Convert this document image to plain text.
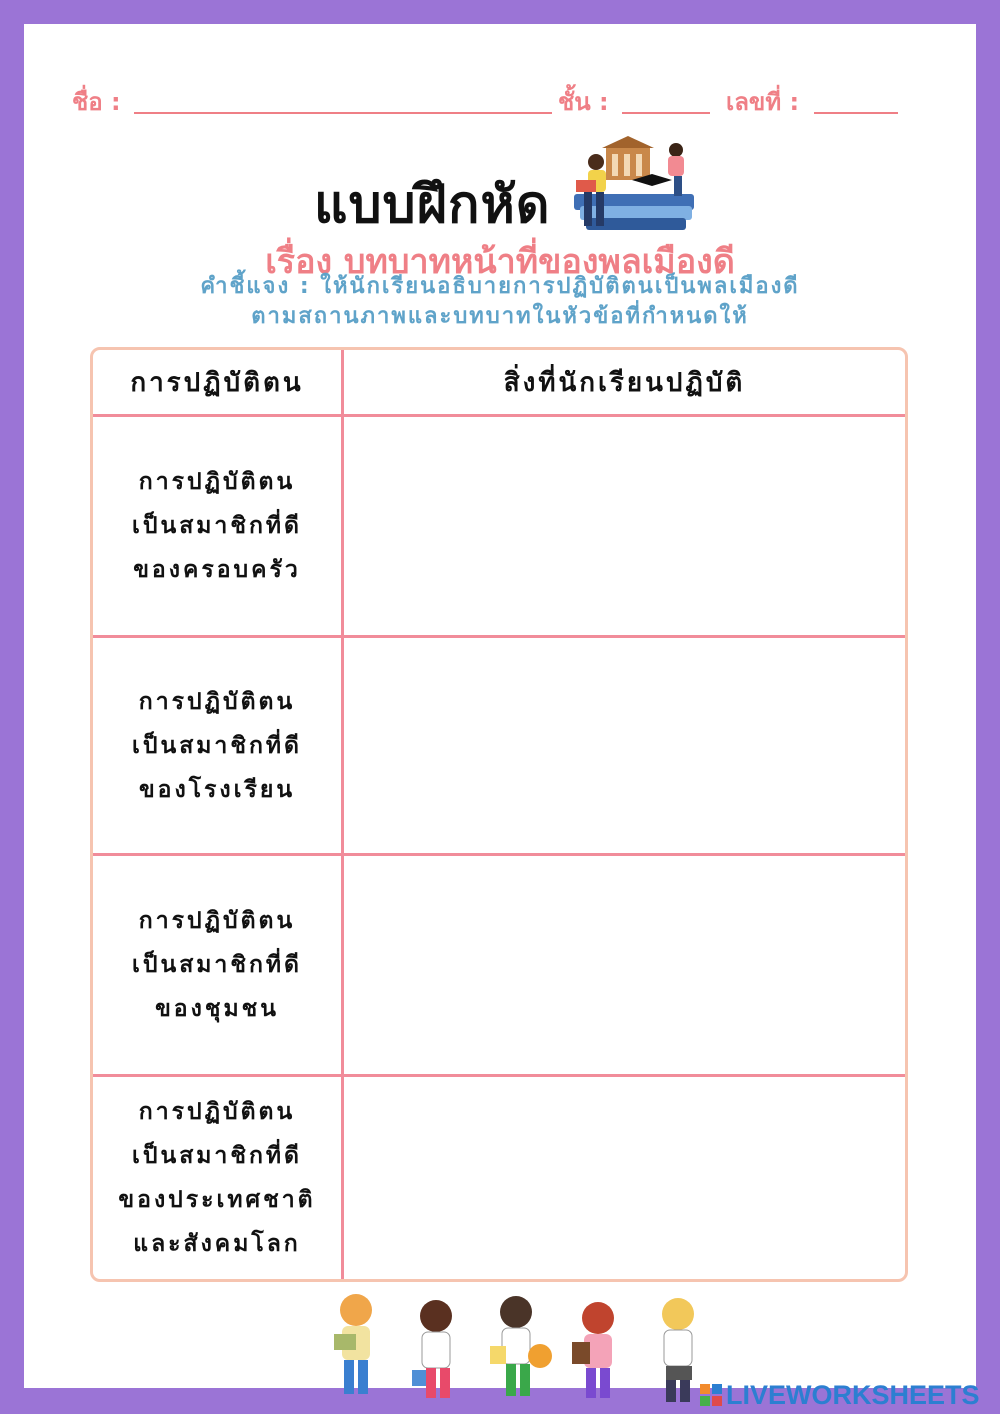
ชื่อ :	ชั้น :	เลขที่ :
แบบฝึกหัด
เรื่อง บทบาทหน้าที่ของพลเมืองดี
คำชี้แจง : ให้นักเรียนอธิบายการปฏิบัติตนเป็นพลเมืองดี
ตามสถานภาพและบทบาทในหัวข้อที่กำหนดให้
การปฏิบัติตน	สิ่งที่นักเรียนปฏิบัติ

การปฏิบัติตน
เป็นสมาชิกที่ดี
ของครอบครัว	

การปฏิบัติตน
เป็นสมาชิกที่ดี
ของโรงเรียน	

การปฏิบัติตน
เป็นสมาชิกที่ดี
ของชุมชน	

การปฏิบัติตน
เป็นสมาชิกที่ดี
ของประเทศชาติ
และสังคมโลก	

LIVEWORKSHEETS
